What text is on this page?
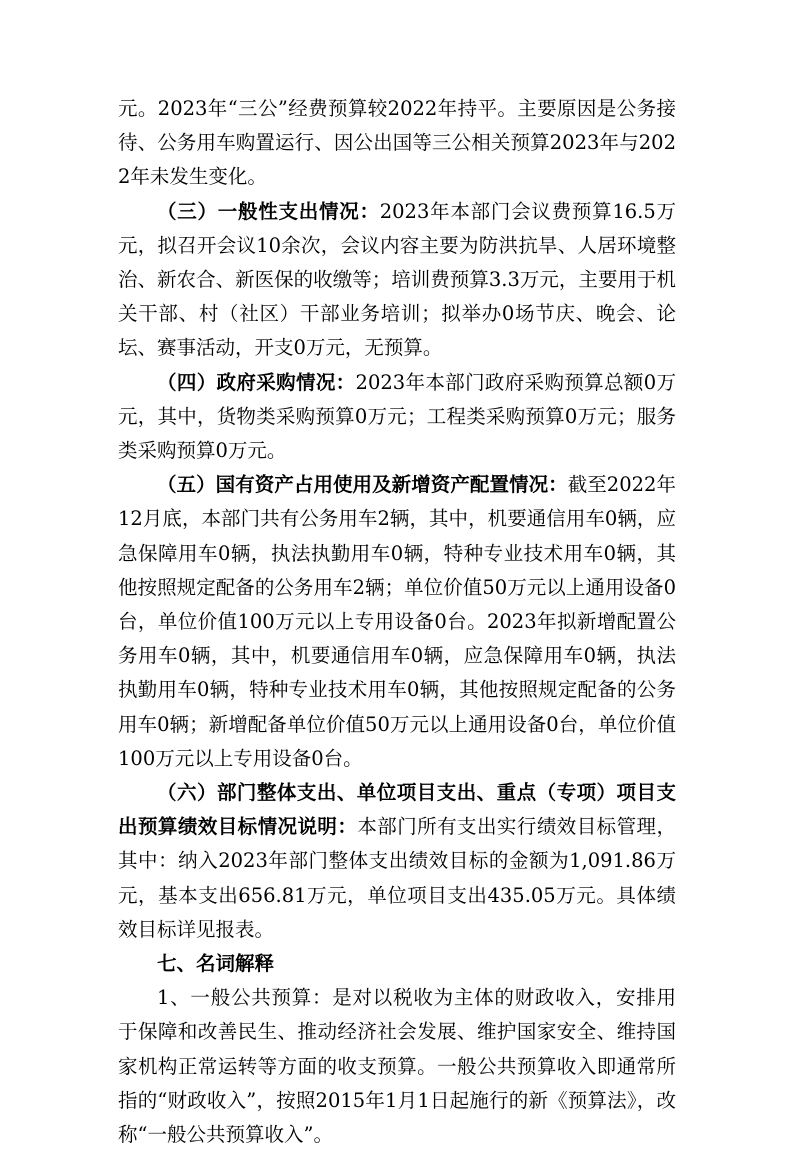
元。2023年“三公”经费预算较2022年持平。主要原因是公务接待、公务用车购置运行、因公出国等三公相关预算2023年与2022年未发生变化。

（三）一般性支出情况：2023年本部门会议费预算16.5万元，拟召开会议10余次，会议内容主要为防洪抗旱、人居环境整治、新农合、新医保的收缴等；培训费预算3.3万元，主要用于机关干部、村（社区）干部业务培训；拟举办0场节庆、晚会、论坛、赛事活动，开支0万元，无预算。

（四）政府采购情况：2023年本部门政府采购预算总额0万元，其中，货物类采购预算0万元；工程类采购预算0万元；服务类采购预算0万元。

（五）国有资产占用使用及新增资产配置情况：截至2022年12月底，本部门共有公务用车2辆，其中，机要通信用车0辆，应急保障用车0辆，执法执勤用车0辆，特种专业技术用车0辆，其他按照规定配备的公务用车2辆；单位价值50万元以上通用设备0台，单位价值100万元以上专用设备0台。2023年拟新增配置公务用车0辆，其中，机要通信用车0辆，应急保障用车0辆，执法执勤用车0辆，特种专业技术用车0辆，其他按照规定配备的公务用车0辆；新增配备单位价值50万元以上通用设备0台，单位价值100万元以上专用设备0台。

（六）部门整体支出、单位项目支出、重点（专项）项目支出预算绩效目标情况说明：本部门所有支出实行绩效目标管理，其中：纳入2023年部门整体支出绩效目标的金额为1,091.86万元，基本支出656.81万元，单位项目支出435.05万元。具体绩效目标详见报表。

七、名词解释

1、一般公共预算：是对以税收为主体的财政收入，安排用于保障和改善民生、推动经济社会发展、维护国家安全、维持国家机构正常运转等方面的收支预算。一般公共预算收入即通常所指的“财政收入”，按照2015年1月1日起施行的新《预算法》，改称“一般公共预算收入”。
